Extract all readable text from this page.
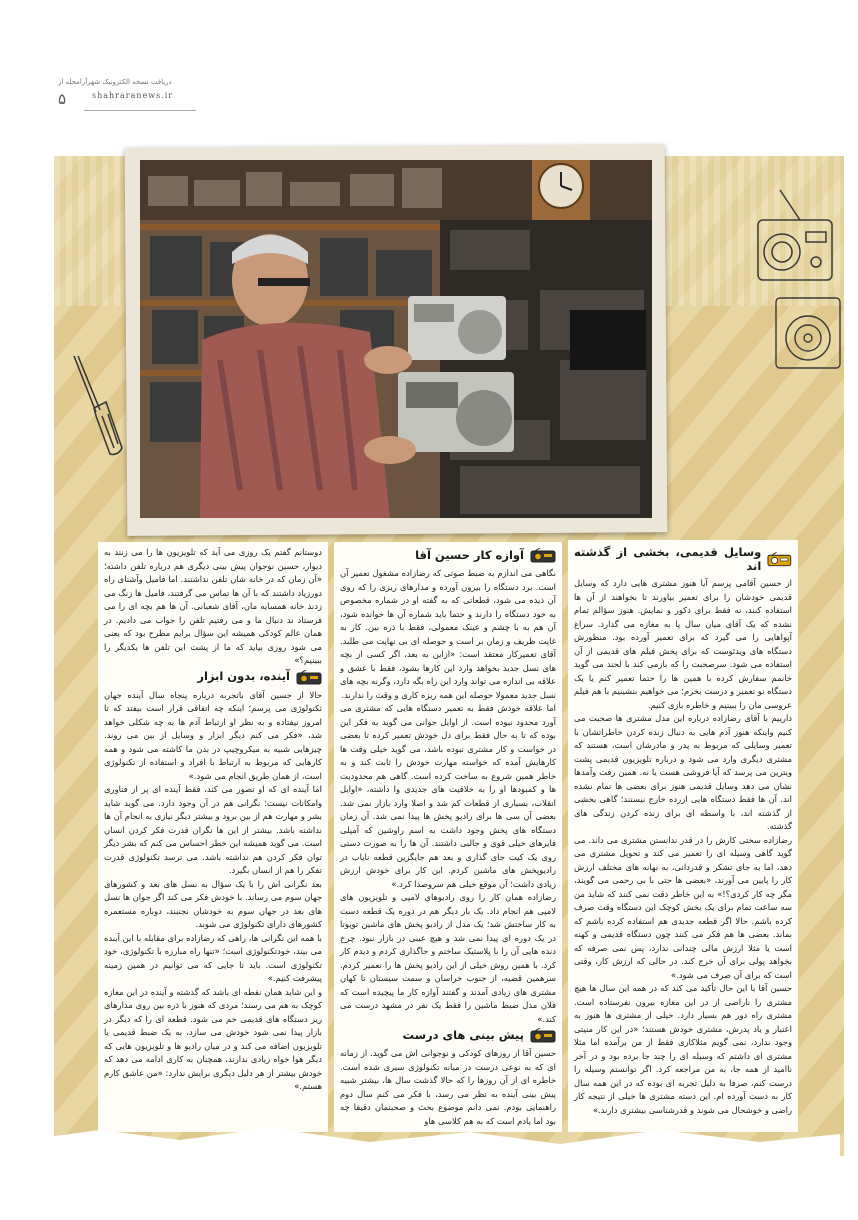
دریافت نسخه الکترونیک شهرآرامحله از
۵	shahraranews.ir
وسایل قدیمی، بخشی از گذشته اند

از حسین آقامی پرسم آیا هنوز مشتری هایی دارد که وسایل قدیمی خودشان را برای تعمیر بیاورند تا بخواهند از آن ها استفاده کنند، نه فقط برای دکور و نمایش. هنوز سؤالم تمام نشده که یک آقای میان سال پا به مغازه می گذارد. سراغ آپواهایی را می گیرد که برای تعمیر آورده بود. منظورش دستگاه های ویدئوست که برای پخش فیلم های قدیمی از آن استفاده می شود. سرصحبت را که بازمی کند با لحند می گوید خانمم سفارش کرده با همین ها را حتما تعمیر کنم یا یک دستگاه نو تعمیر و درست بخرم؛ می خواهیم بنشینیم با هم فیلم عروسی مان را ببینیم و خاطره بازی کنیم.

دارییم با آقای رضازاده درباره این مدل مشتری ها صحبت می کنیم واینکه هنوز آدم هایی به دنبال زنده کردن خاطراتشان با تعمیر وسایلی که مربوط به پدر و مادرشان است، هستند که مشتری دیگری وارد می شود و درباره تلویزیون قدیمی پشت ویترین می پرسد که آیا فروشی هست یا نه. همین رفت وآمدها نشان می دهد وسایل قدیمی هنوز برای بعضی ها تمام نشده اند. آن ها فقط دستگاه هایی ازرده خارج نیستند؛ گاهی بخشی از گذشته اند، با واسطه ای برای زنده کردن زندگی های گذشته.

رضازاده سختی کارش را در قدر ندانستن مشتری می داند. می گوید گاهی وسیله ای را تعمیر می کند و تحویل مشتری می دهد، اما به جای تشکر و قدردانی، به بهانه های مختلف ارزش کار را پایین می آورند، «بعضی ها حتی با بی رحمی می گویند، مگر چه کار کردی؟!» به این خاطر دقت نمی کنند که شاید من سه ساعت تمام برای یک بخش کوچک این دستگاه وقت صرف کرده باشم. حالا اگر قطعه جدیدی هم استفاده کرده باشم که بماند. بعضی ها هم فکر می کنند چون دستگاه قدیمی و کهنه است یا مثلا ارزش مالی چندانی ندارد، پس نمی صرفه که بخواهد پولی برای آن خرج کند. در حالی که ارزش کار، وقتی است که برای آن صرف می شود.»

حسین آقا با این حال تأکید می کند که در همه این سال ها هیچ مشتری را ناراضی از در این مغازه بیرون نفرستاده است. مشتری راه دور هم بسیار دارد. خیلی از مشتری ها هنوز به اعتبار و یاد پدرش، مشتری خودش هستند؛ «در این کار منیتی وجود ندارد، نمی گویم مثلاکاری فقط از من برآمده اما مثلا مشتری ای داشتم که وسیله ای را چند جا برده بود و در آخر ناامید از همه جا، به من مراجعه کرد. اگر توانستم وسیله را درست کنم، صرفا به دلیل تجربه ای بوده که در این همه سال کار به دست آورده ام. این دسته مشتری ها خیلی از نتیجه کار راضی و خوشحال می شوند و قدرشناسی بیشتری دارند.»

آوازه کار حسین آقا

نگاهی می اندازم به ضبط صوتی که رضازاده مشغول تعمیر آن است. برد دستگاه را بیرون آورده و مدارهای ریزی را که روی آن دیده می شود، قطعاتی که به گفته او در شماره مخصوص به خود دستگاه را دارند و حتما باید شماره آن ها خوانده شود، آن هم به با چشم و عینک معمولی، فقط با ذره بین. کار به غایت ظریف و زمان بر است و حوصله ای بی نهایت می طلبد. آقای تعمیرکار معتقد است: «ازاین به بعد، اگر کسی از بچه های نسل جدید بخواهد وارد این کارها بشود، فقط با عشق و علاقه بی اندازه می تواند وارد این راه بگه دارد، وگرنه بچه های نسل جدید معمولا حوصله این همه ریزه کاری و وقت را ندارند.

اما علاقه خودش فقط به تعمیر دستگاه هایی که مشتری می آورد محدود نبوده است. از اوایل جوانی می گوید به فکر این بوده که تا به حال فقط برای دل خودش تعمیر کرده تا بعضی در خواست و کار مشتری نبوده باشد، می گوید خیلی وقت ها کارهایش آمده که خواسته مهارت خودش را ثابت کند و به خاطر همین شروع به ساخت کرده است. گاهی هم محدودیت ها و کمبودها او را به خلاقیت های جدیدی وا داشته، «اوایل انقلاب، بسیاری از قطعات کم شد و اصلا وارد بازار نمی شد. بعضی آن سی ها برای رادیو پخش ها پیدا نمی شد. آن زمان دستگاه های پخش وجود داشت به اسم راوشین که آمپلی فایرهای خیلی قوی و جالبی داشتند. آن ها را به صورت دستی روی یک کیت جای گذاری و بعد هم جایگزین قطعه نایاب در رادیوپخش های ماشین کردم. این کار برای خودش ارزش زیادی داشت؛ آن موقع خیلی هم سروصدا کرد.»

رضازاده همان کار را روی رادیوهای لامپی و تلویزیون های لامپی هم انجام داد. یک بار دیگر هم در دوره یک قطعه دست به کار ساختش شد؛ یک مدل از رادیو پخش های ماشین تویوتا در یک دوره ای پیدا نمی شد و هیچ عیبی در بازار نبود. چرخ دنده هایی آن را با پلاستیک ساختم و جاگذاری کردم و دیدم کار کرد. با همین روش خیلی از این رادیو پخش ها را تعمیر کردم. سرهمین قضیه، از جنوب خراسان و سمت سیستان تا کهان مشتری های زیادی آمدند و گفتند آوازه کار ما پیچیده است که فلان مدل ضبط ماشین را فقط یک نفر در مشهد درست می کند.»

پیش بینی های درست

حسین آقا از روزهای کودکی و نوجوانی اش می گوید. از زمانه ای که به نوعی درست در میانه تکنولوژی سیری شده است. خاطره ای از آن روزها را که حالا گذشت سال ها، بیشتر شبیه پیش بینی آینده به نظر می رسد، با فکر می کنم سال دوم راهنمایی بودم. نمی دانم موضوع بحث و صحبتمان دقیقا چه بود اما یادم است که به هم کلاسی هاو

دوستانم گفتم یک روزی می آید که تلویزیون ها را می زنند به دیوار، حسین نوجوان پیش بینی دیگری هم درباره تلفن داشته؛ «آن زمان که در خانه شان تلفن نداشتند. اما فامیل وآشنای راه دورزیاد داشتند که با آن ها تماس می گرفتند، فامیل ها زنگ می زدند خانه همسایه مان، آقای شعبانی. آن ها هم بچه ای را می فرستاد ند دنبال ما و می رفتیم تلفن را جواب می دادیم. در همان عالم کودکی همیشه این سؤال برایم مطرح بود که یعنی می شود روزی بیاید که ما از پشت این تلفن ها یکدیگر را ببینیم؟»

آینده، بدون ابزار

حالا از حسین آقای باتجربه درباره پنجاه سال آینده جهان تکنولوژی می پرسم؛ اینکه چه اتفاقی قرار است بیفتد که تا امروز نیفتاده و به نظر او ارتباط آدم ها به چه شکلی خواهد شد، «فکر می کنم دیگر ابزار و وسایل از بین می روند. چیزهایی شبیه به میکروچیپ در بدن ما کاشته می شود و همه کارهایی که مربوط به ارتباط با افراد و استفاده از تکنولوژی است، از همان طریق انجام می شود.»

اما آینده ای که او تصور می کند، فقط آینده ای پر از فناوری وامکانات نیست؛ نگرانی هم در آن وجود دارد. می گوید شاید بشر و مهارت هم از بین برود و بیشتر دیگر نیازی به انجام آن ها نداشته باشد. بیشتر از این ها نگران قدرت فکر کردن انسان است. می گوید همیشه این خطر احساس می کنم که بشر دیگر توان فکر کردن هم نداشته باشد. می ترسد تکنولوژی قدرت تفکر را هم از انسان بگیرد.

بعد نگرانی اش را با یک سؤال به نسل های بعد و کشورهای جهان سوم می رساند. با خودش فکر می کند اگر جوان ها نسل های بعد در جهان سوم به خودشان نجنبند، دوباره مستعمره کشورهای دارای تکنولوژی می شوند.

با همه این نگرانی ها، راهی که رضازاده برای مقابله با این آینده می بیند، خودتکنولوژی است؛ «تنها راه مبارزه با تکنولوژی، خود تکنولوژی است. باید تا جایی که می توانیم در همین زمینه پیشرفت کنیم.»

و این شاید همان نقطه ای باشد که گذشته و آینده در این مغازه کوچک به هم می رسند؛ مردی که هنوز با ذره بین روی مدارهای ریز دستگاه های قدیمی خم می شود. قطعه ای را که دیگر در بازار پیدا نمی شود خودش می سازد، به یک ضبط قدیمی یا تلویزیون اضافه می کند و در میان رادیو ها و تلویزیون هایی که دیگر هوا خواه زیادی ندارند، همچنان به کاری ادامه می دهد که خودش بیشتر از هر دلیل دیگری برایش ندارد: «من عاشق کارم هستم.»
